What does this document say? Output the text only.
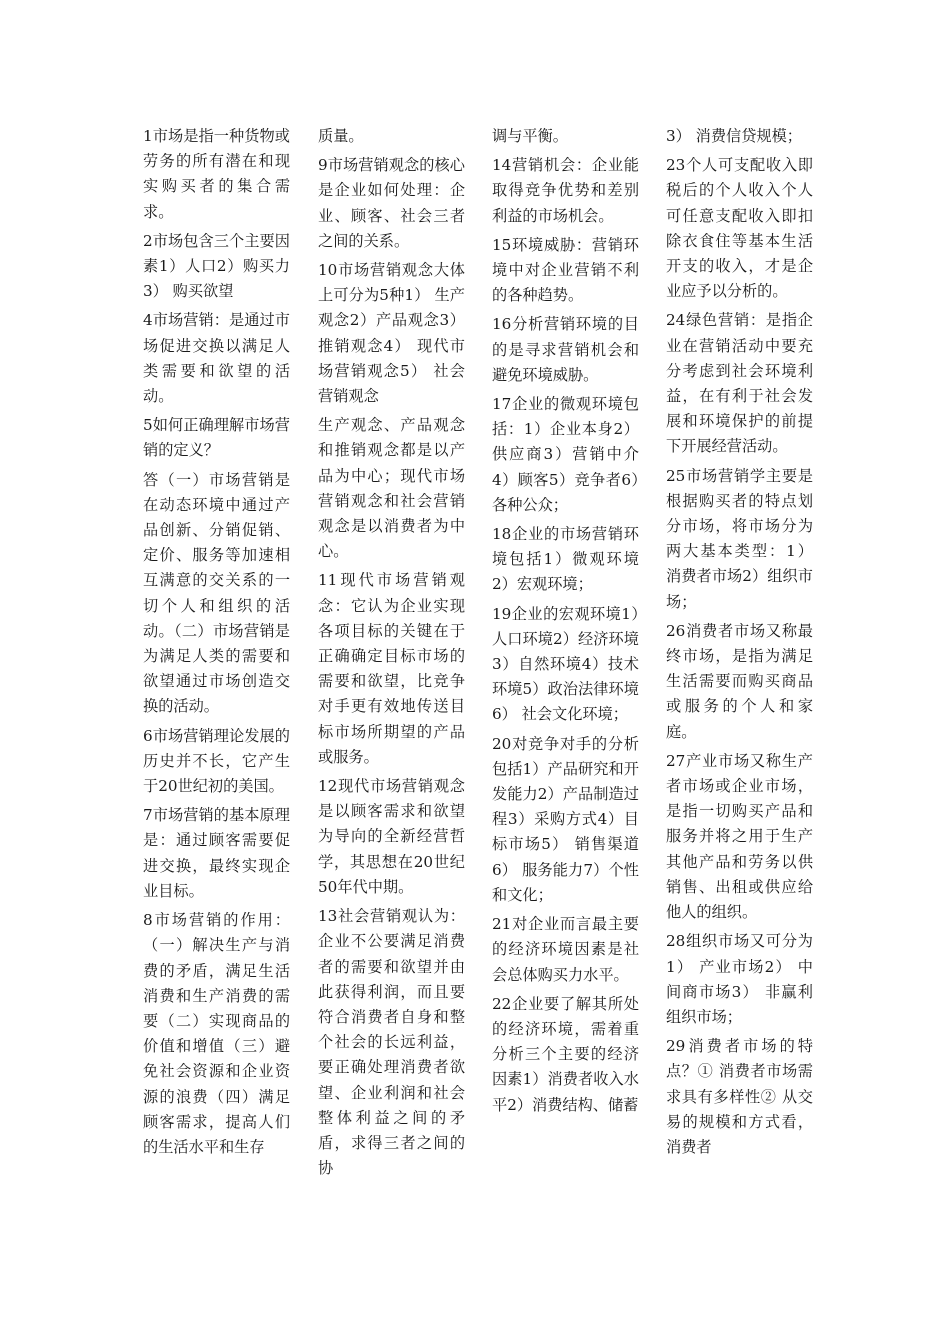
1市场是指一种货物或劳务的所有潜在和现实购买者的集合需求。

2市场包含三个主要因素1）人口2）购买力3） 购买欲望

4市场营销：是通过市场促进交换以满足人类需要和欲望的活动。

5如何正确理解市场营销的定义？

答（一）市场营销是在动态环境中通过产品创新、分销促销、定价、服务等加速相互满意的交关系的一切个人和组织的活动。（二）市场营销是为满足人类的需要和欲望通过市场创造交换的活动。

6市场营销理论发展的历史并不长，它产生于20世纪初的美国。

7市场营销的基本原理是：通过顾客需要促进交换，最终实现企业目标。

8市场营销的作用：（一）解决生产与消费的矛盾，满足生活消费和生产消费的需要（二）实现商品的价值和增值（三）避免社会资源和企业资源的浪费（四）满足顾客需求，提高人们的生活水平和生存

质量。

9市场营销观念的核心是企业如何处理：企业、顾客、社会三者之间的关系。

10市场营销观念大体上可分为5种1） 生产观念2）产品观念3） 推销观念4） 现代市场营销观念5） 社会营销观念

生产观念、产品观念和推销观念都是以产品为中心；现代市场营销观念和社会营销观念是以消费者为中心。

11现代市场营销观念：它认为企业实现各项目标的关键在于正确确定目标市场的需要和欲望，比竞争对手更有效地传送目标市场所期望的产品或服务。

12现代市场营销观念是以顾客需求和欲望为导向的全新经营哲学，其思想在20世纪50年代中期。

13社会营销观认为：企业不公要满足消费者的需要和欲望并由此获得利润，而且要符合消费者自身和整个社会的长远利益，要正确处理消费者欲望、企业利润和社会整体利益之间的矛盾，求得三者之间的协

调与平衡。

14营销机会：企业能取得竞争优势和差别利益的市场机会。

15环境威胁：营销环境中对企业营销不利的各种趋势。

16分析营销环境的目的是寻求营销机会和避免环境威胁。

17企业的微观环境包括：1）企业本身2）供应商3）营销中介4）顾客5）竞争者6）各种公众；

18企业的市场营销环境包括1）微观环境2）宏观环境；

19企业的宏观环境1）人口环境2）经济环境3）自然环境4）技术环境5）政治法律环境6） 社会文化环境；

20对竞争对手的分析包括1）产品研究和开发能力2）产品制造过程3）采购方式4）目标市场5） 销售渠道6） 服务能力7）个性和文化；

21对企业而言最主要的经济环境因素是社会总体购买力水平。

22企业要了解其所处的经济环境，需着重分析三个主要的经济因素1）消费者收入水平2）消费结构、储蓄

3） 消费信贷规模；

23个人可支配收入即税后的个人收入个人可任意支配收入即扣除衣食住等基本生活开支的收入，才是企业应予以分析的。

24绿色营销：是指企业在营销活动中要充分考虑到社会环境利益，在有利于社会发展和环境保护的前提下开展经营活动。

25市场营销学主要是根据购买者的特点划分市场，将市场分为两大基本类型：1） 消费者市场2）组织市场；

26消费者市场又称最终市场，是指为满足生活需要而购买商品或服务的个人和家庭。

27产业市场又称生产者市场或企业市场，是指一切购买产品和服务并将之用于生产其他产品和劳务以供销售、出租或供应给他人的组织。

28组织市场又可分为1） 产业市场2） 中间商市场3） 非赢利组织市场；

29消费者市场的特点？① 消费者市场需求具有多样性② 从交易的规模和方式看，消费者
